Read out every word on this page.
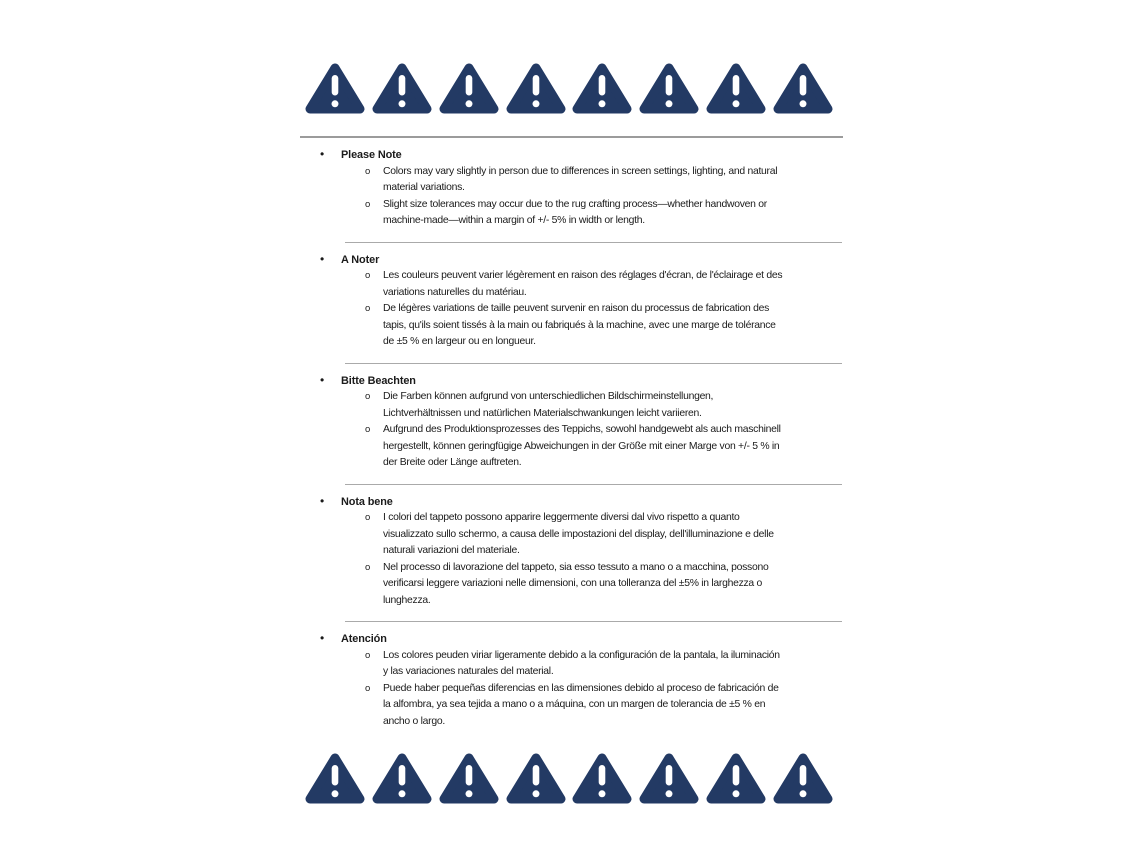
•	Please Note
o	Colors may vary slightly in person due to differences in screen settings, lighting, and natural
material variations.
o	Slight size tolerances may occur due to the rug crafting process—whether handwoven or
machine-made—within a margin of +/- 5% in width or length.
•	A Noter
o	Les couleurs peuvent varier légèrement en raison des réglages d'écran, de l'éclairage et des
variations naturelles du matériau.
o	De légères variations de taille peuvent survenir en raison du processus de fabrication des
tapis, qu'ils soient tissés à la main ou fabriqués à la machine, avec une marge de tolérance
de ±5 % en largeur ou en longueur.
•	Bitte Beachten
o	Die Farben können aufgrund von unterschiedlichen Bildschirmeinstellungen,
Lichtverhältnissen und natürlichen Materialschwankungen leicht variieren.
o	Aufgrund des Produktionsprozesses des Teppichs, sowohl handgewebt als auch maschinell
hergestellt, können geringfügige Abweichungen in der Größe mit einer Marge von +/- 5 % in
der Breite oder Länge auftreten.
•	Nota bene
o	I colori del tappeto possono apparire leggermente diversi dal vivo rispetto a quanto
visualizzato sullo schermo, a causa delle impostazioni del display, dell'illuminazione e delle
naturali variazioni del materiale.
o	Nel processo di lavorazione del tappeto, sia esso tessuto a mano o a macchina, possono
verificarsi leggere variazioni nelle dimensioni, con una tolleranza del ±5% in larghezza o
lunghezza.
•	Atención
o	Los colores peuden viriar ligeramente debido a la configuración de la pantala, la iluminación
y las variaciones naturales del material.
o	Puede haber pequeñas diferencias en las dimensiones debido al proceso de fabricación de
la alfombra, ya sea tejida a mano o a máquina, con un margen de tolerancia de ±5 % en
ancho o largo.
